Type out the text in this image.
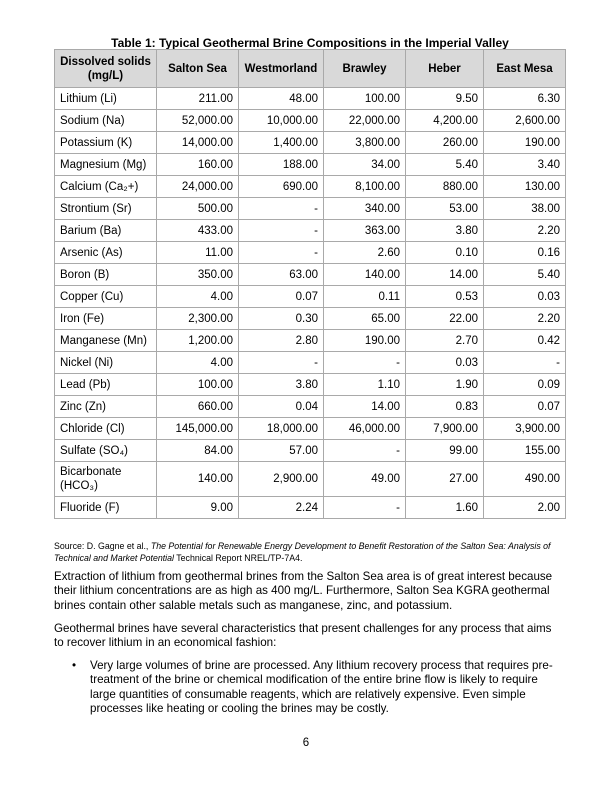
Table 1: Typical Geothermal Brine Compositions in the Imperial Valley
Dissolved solids (mg/L)	Salton Sea	Westmorland	Brawley	Heber	East Mesa
Lithium (Li)	211.00	48.00	100.00	9.50	6.30
Sodium (Na)	52,000.00	10,000.00	22,000.00	4,200.00	2,600.00
Potassium (K)	14,000.00	1,400.00	3,800.00	260.00	190.00
Magnesium (Mg)	160.00	188.00	34.00	5.40	3.40
Calcium (Ca₂+)	24,000.00	690.00	8,100.00	880.00	130.00
Strontium (Sr)	500.00	-	340.00	53.00	38.00
Barium (Ba)	433.00	-	363.00	3.80	2.20
Arsenic (As)	11.00	-	2.60	0.10	0.16
Boron (B)	350.00	63.00	140.00	14.00	5.40
Copper (Cu)	4.00	0.07	0.11	0.53	0.03
Iron (Fe)	2,300.00	0.30	65.00	22.00	2.20
Manganese (Mn)	1,200.00	2.80	190.00	2.70	0.42
Nickel (Ni)	4.00	-	-	0.03	-
Lead (Pb)	100.00	3.80	1.10	1.90	0.09
Zinc (Zn)	660.00	0.04	14.00	0.83	0.07
Chloride (Cl)	145,000.00	18,000.00	46,000.00	7,900.00	3,900.00
Sulfate (SO₄)	84.00	57.00	-	99.00	155.00
Bicarbonate (HCO₃)	140.00	2,900.00	49.00	27.00	490.00
Fluoride (F)	9.00	2.24	-	1.60	2.00
Source: D. Gagne et al., The Potential for Renewable Energy Development to Benefit Restoration of the Salton Sea: Analysis of Technical and Market Potential Technical Report NREL/TP-7A4.

Extraction of lithium from geothermal brines from the Salton Sea area is of great interest because their lithium concentrations are as high as 400 mg/L. Furthermore, Salton Sea KGRA geothermal brines contain other salable metals such as manganese, zinc, and potassium.

Geothermal brines have several characteristics that present challenges for any process that aims to recover lithium in an economical fashion:

• Very large volumes of brine are processed. Any lithium recovery process that requires pre-treatment of the brine or chemical modification of the entire brine flow is likely to require large quantities of consumable reagents, which are relatively expensive. Even simple processes like heating or cooling the brines may be costly.
6
